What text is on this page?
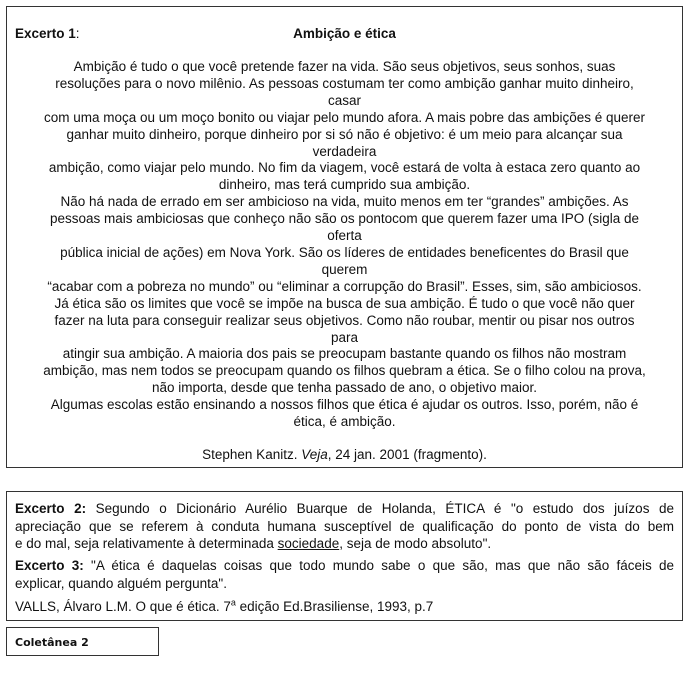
Excerto 1:	Ambição e ética
Ambição é tudo o que você pretende fazer na vida. São seus objetivos, seus sonhos, suas
resoluções para o novo milênio. As pessoas costumam ter como ambição ganhar muito dinheiro,
casar
com uma moça ou um moço bonito ou viajar pelo mundo afora. A mais pobre das ambições é querer
ganhar muito dinheiro, porque dinheiro por si só não é objetivo: é um meio para alcançar sua
verdadeira
ambição, como viajar pelo mundo. No fim da viagem, você estará de volta à estaca zero quanto ao
dinheiro, mas terá cumprido sua ambição.
Não há nada de errado em ser ambicioso na vida, muito menos em ter “grandes” ambições. As
pessoas mais ambiciosas que conheço não são os pontocom que querem fazer uma IPO (sigla de
oferta
pública inicial de ações) em Nova York. São os líderes de entidades beneficentes do Brasil que
querem
“acabar com a pobreza no mundo” ou “eliminar a corrupção do Brasil”. Esses, sim, são ambiciosos.
Já ética são os limites que você se impõe na busca de sua ambição. É tudo o que você não quer
fazer na luta para conseguir realizar seus objetivos. Como não roubar, mentir ou pisar nos outros
para
atingir sua ambição. A maioria dos pais se preocupam bastante quando os filhos não mostram
ambição, mas nem todos se preocupam quando os filhos quebram a ética. Se o filho colou na prova,
não importa, desde que tenha passado de ano, o objetivo maior.
Algumas escolas estão ensinando a nossos filhos que ética é ajudar os outros. Isso, porém, não é
ética, é ambição.
Stephen Kanitz. Veja, 24 jan. 2001 (fragmento).
Excerto 2: Segundo o Dicionário Aurélio Buarque de Holanda, ÉTICA é "o estudo dos juízos de
apreciação que se referem à conduta humana susceptível de qualificação do ponto de vista do bem
e do mal, seja relativamente à determinada sociedade, seja de modo absoluto".
Excerto 3: "A ética é daquelas coisas que todo mundo sabe o que são, mas que não são fáceis de
explicar, quando alguém pergunta".
VALLS, Álvaro L.M. O que é ética. 7$^a$ edição Ed.Brasiliense, 1993, p.7
Coletânea 2
